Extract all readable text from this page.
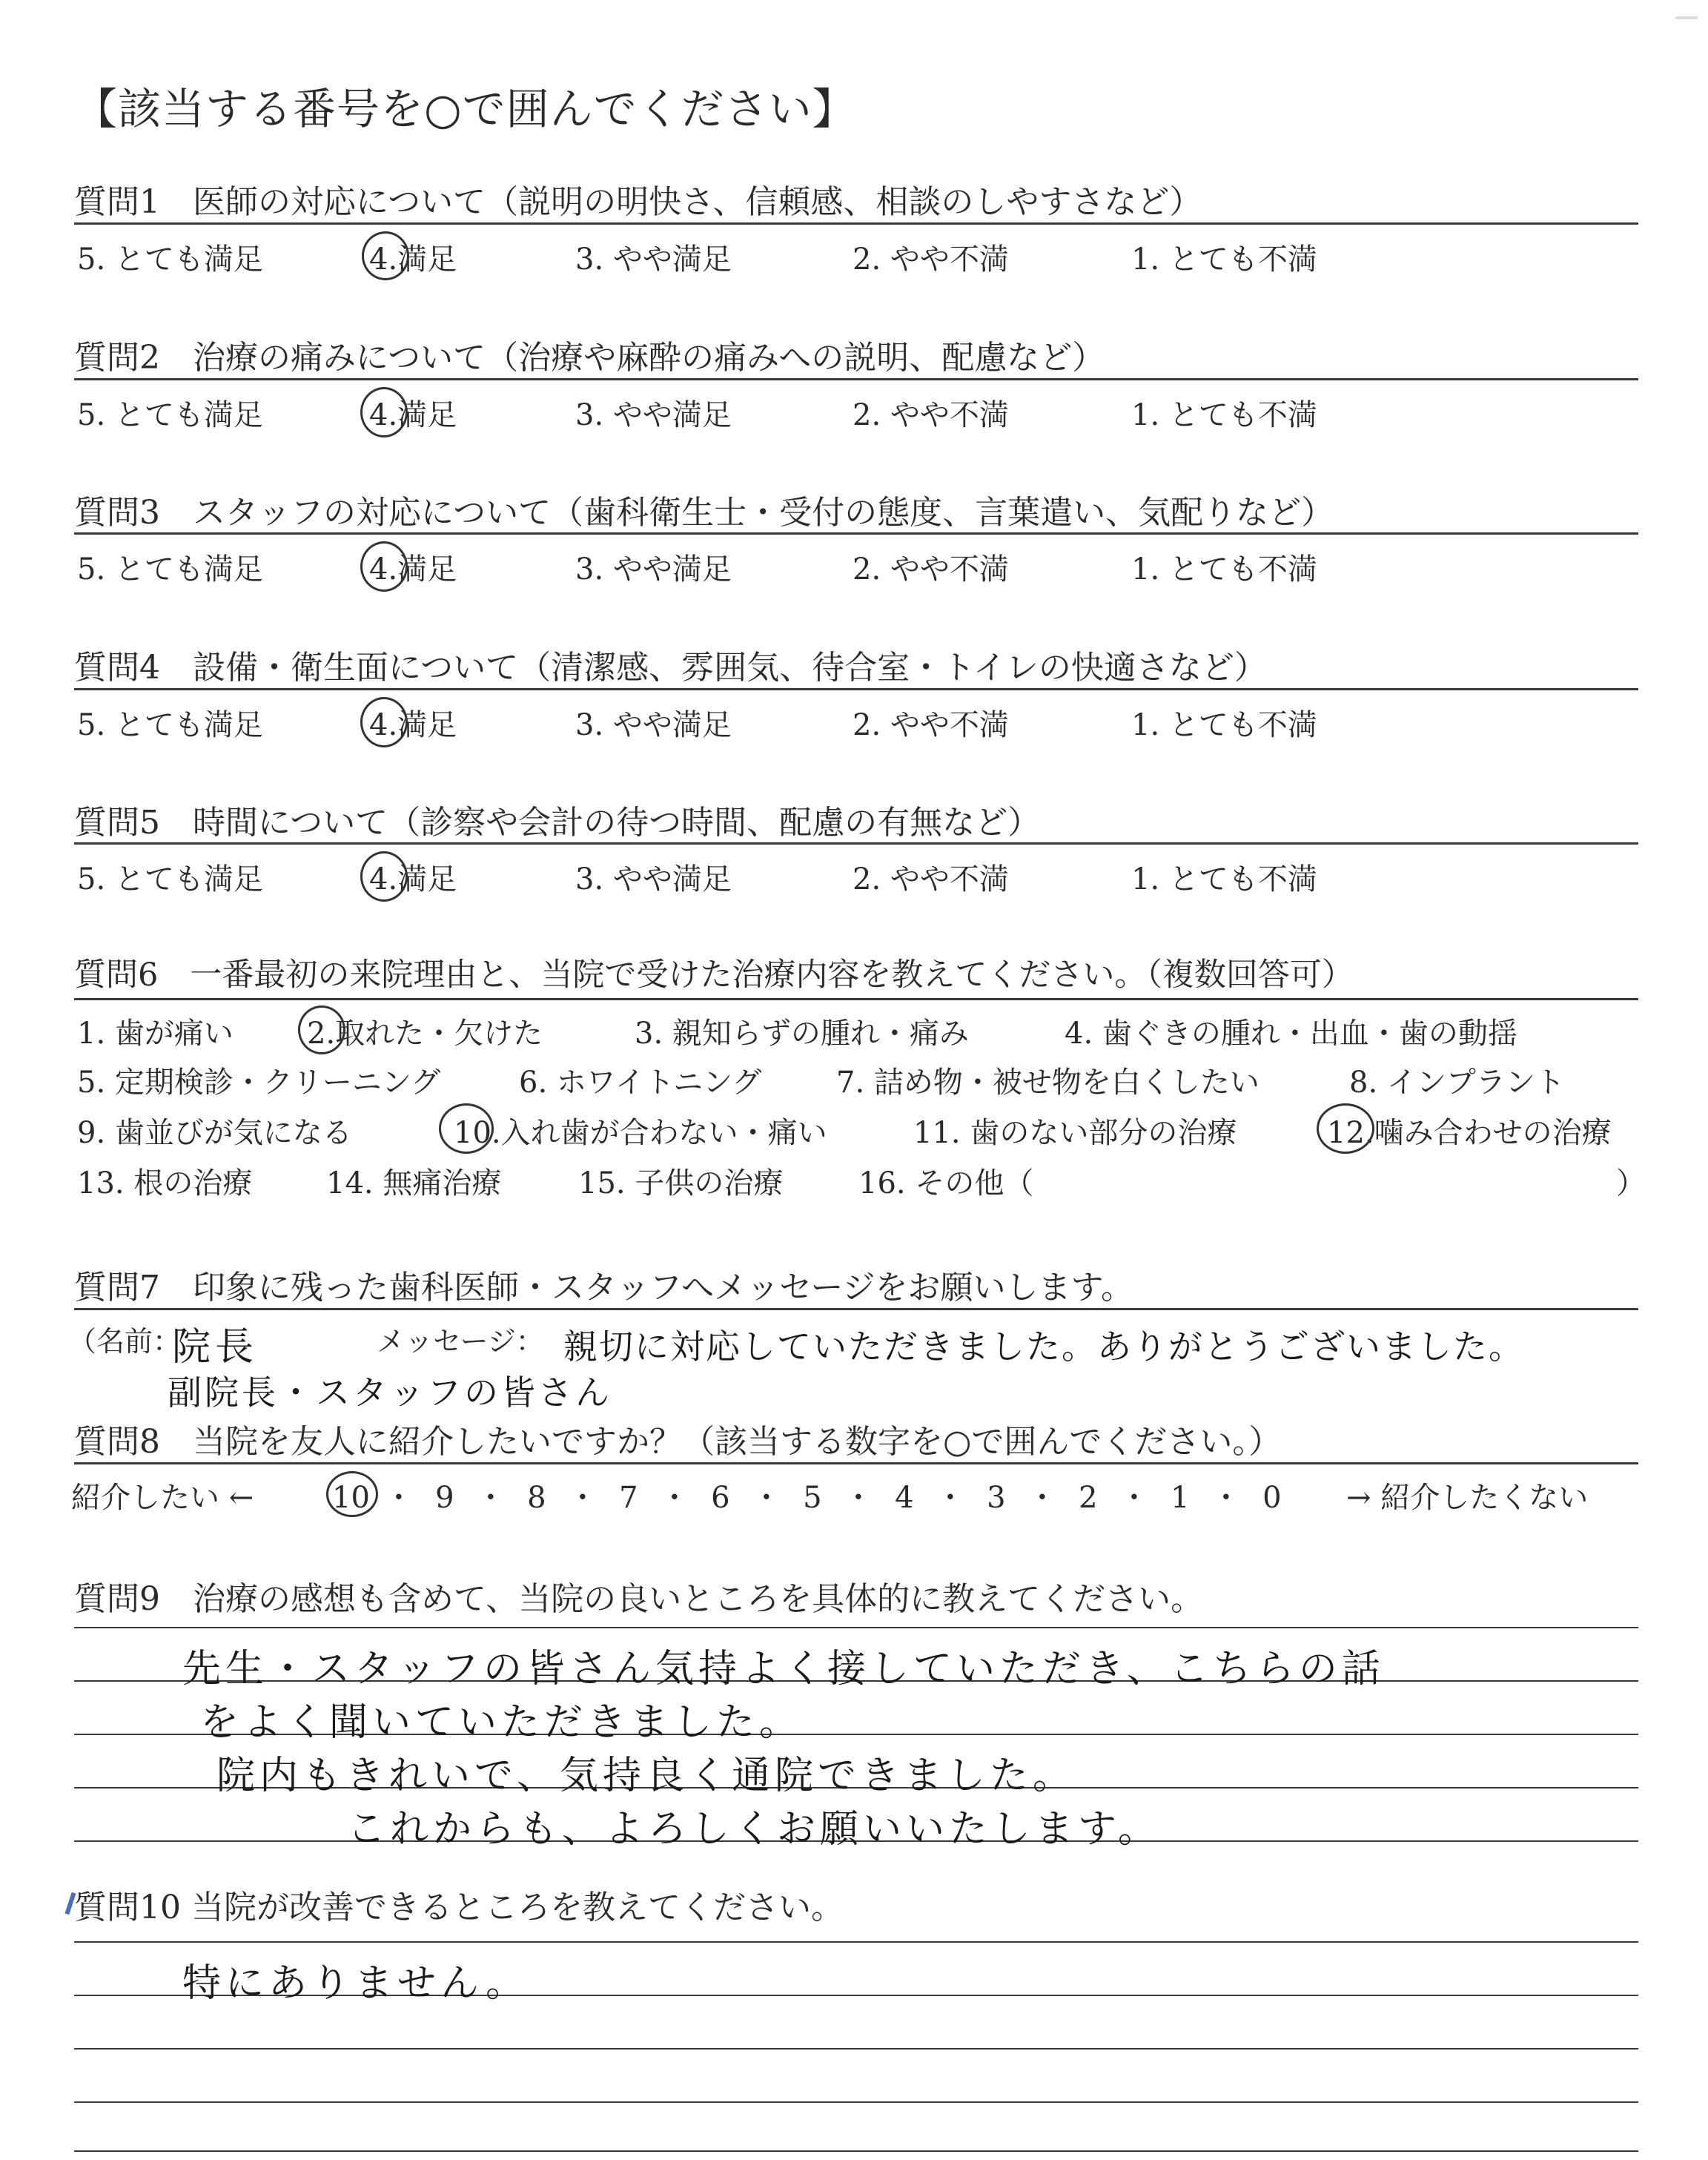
【該当する番号を○で囲んでください】
質問1　医師の対応について（説明の明快さ、信頼感、相談のしやすさなど）
5. とても満足	4.満足	3. やや満足	2. やや不満	1. とても不満
質問2　治療の痛みについて（治療や麻酔の痛みへの説明、配慮など）
5. とても満足	4.満足	3. やや満足	2. やや不満	1. とても不満
質問3　スタッフの対応について（歯科衛生士・受付の態度、言葉遣い、気配りなど）
5. とても満足	4.満足	3. やや満足	2. やや不満	1. とても不満
質問4　設備・衛生面について（清潔感、雰囲気、待合室・トイレの快適さなど）
5. とても満足	4.満足	3. やや満足	2. やや不満	1. とても不満
質問5　時間について（診察や会計の待つ時間、配慮の有無など）
5. とても満足	4.満足	3. やや満足	2. やや不満	1. とても不満
質問6　一番最初の来院理由と、当院で受けた治療内容を教えてください。（複数回答可）
1. 歯が痛い 2.取れた・欠けた	3. 親知らずの腫れ・痛み	4. 歯ぐきの腫れ・出血・歯の動揺
5. 定期検診・クリーニング	6. ホワイトニング	7. 詰め物・被せ物を白くしたい	8. インプラント
9. 歯並びが気になる	10.入れ歯が合わない・痛い	11. 歯のない部分の治療	12.噛み合わせの治療
13. 根の治療 14. 無痛治療	15. 子供の治療	16. その他（	）
質問7　印象に残った歯科医師・スタッフへメッセージをお願いします。
（名前：	メッセージ：
院長
副院長・スタッフの皆さん
親切に対応していただきました。ありがとうございました。
質問8　当院を友人に紹介したいですか？（該当する数字を○で囲んでください。）
紹介したい ←	10 ・ 9 ・ 8 ・ 7 ・ 6 ・ 5 ・ 4 ・ 3 ・ 2 ・ 1 ・ 0 → 紹介したくない
質問9　治療の感想も含めて、当院の良いところを具体的に教えてください。
先生・スタッフの皆さん気持よく接していただき、こちらの話
をよく聞いていただきました。
院内もきれいで、気持良く通院できました。
これからも、よろしくお願いいたします。
質問10 当院が改善できるところを教えてください。
特にありません。
